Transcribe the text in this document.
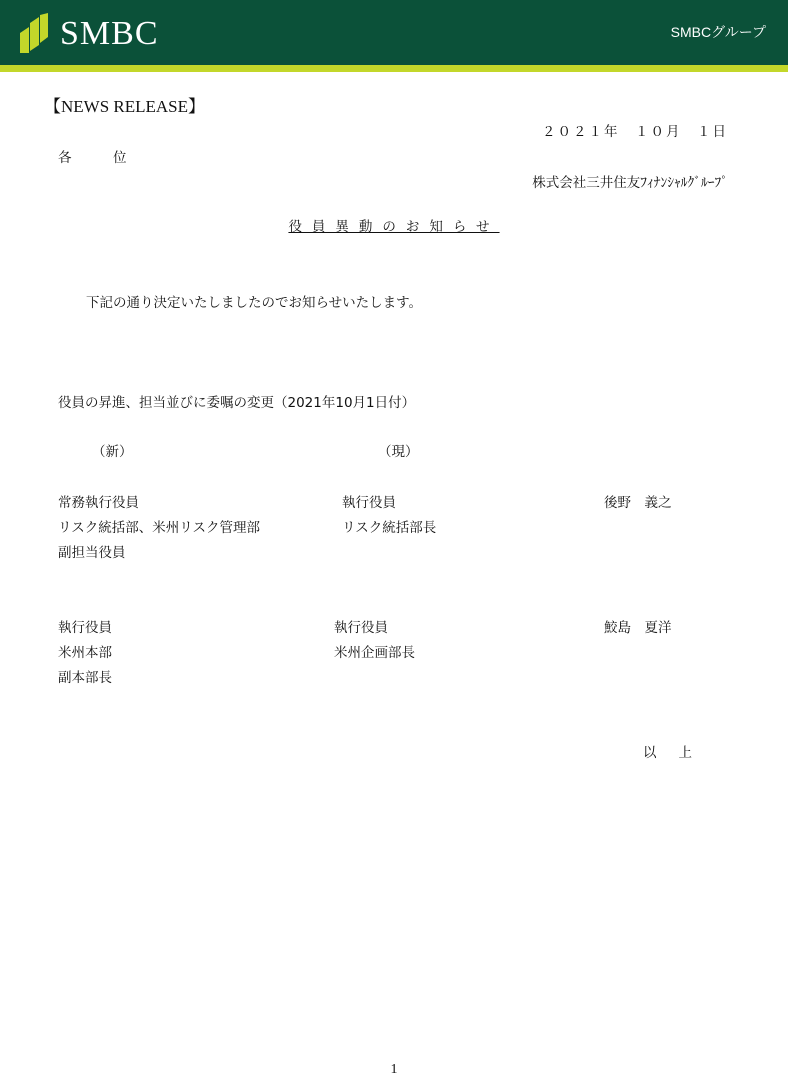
SMBC	SMBCグループ
【NEWS RELEASE】
２０２１年　１０月　１日
各　位
株式会社三井住友ﾌｨﾅﾝｼｬﾙｸﾞﾙｰﾌﾟ
役員異動のお知らせ
下記の通り決定いたしましたのでお知らせいたします。
役員の昇進、担当並びに委嘱の変更（2021年10月1日付）
（新）	（現）
常務執行役員
リスク統括部、米州リスク管理部
副担当役員
執行役員
リスク統括部長
後野　義之
執行役員
米州本部
副本部長
執行役員
米州企画部長
鮫島　夏洋
以上
1
